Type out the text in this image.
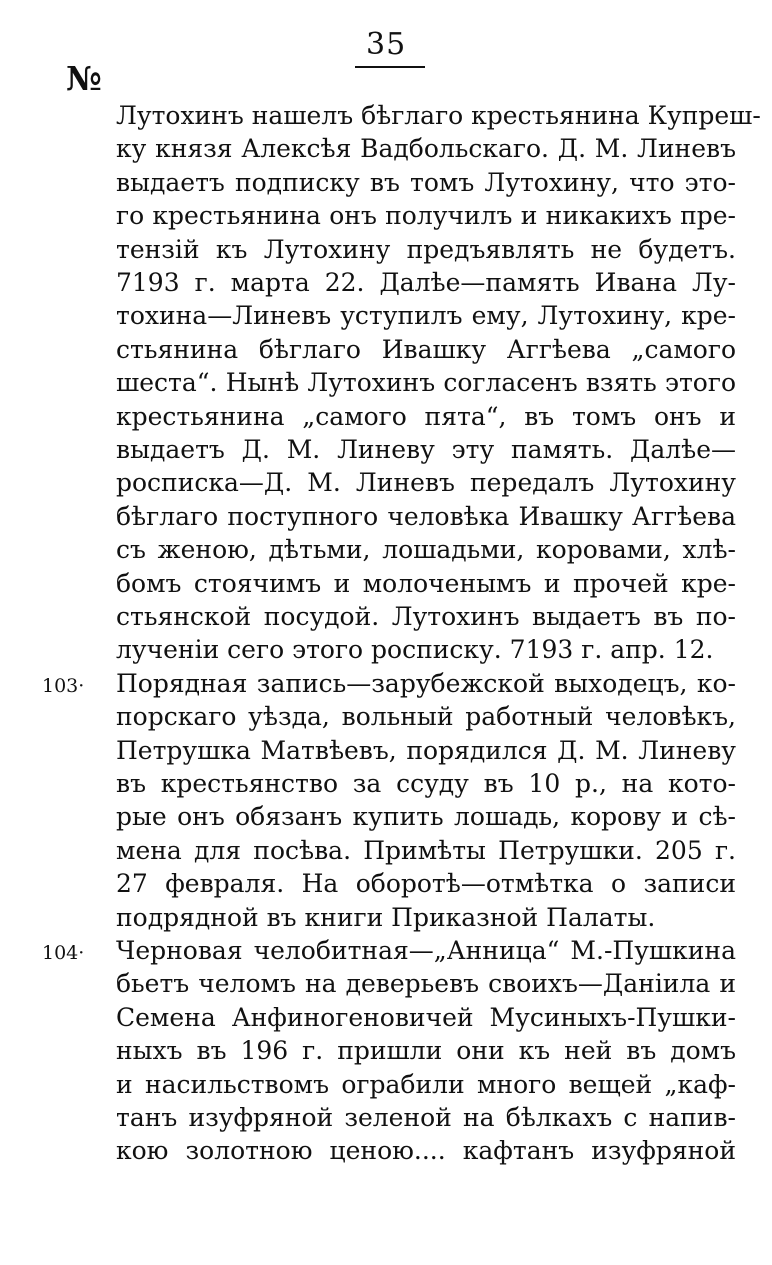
35
№
Лутохинъ нашелъ бѣглаго крестьянина Купреш-
ку князя Алексѣя Вадбольскаго. Д. М. Линевъ
выдаетъ подписку въ томъ Лутохину, что это-
го крестьянина онъ получилъ и никакихъ пре-
тензій къ Лутохину предъявлять не будетъ.
7193 г. марта 22. Далѣе—память Ивана Лу-
тохина—Линевъ уступилъ ему, Лутохину, кре-
стьянина бѣглаго Ивашку Аггѣева „самого
шеста“. Нынѣ Лутохинъ согласенъ взять этого
крестьянина „самого пята“, въ томъ онъ и
выдаетъ Д. М. Линеву эту память. Далѣе—
росписка—Д. М. Линевъ передалъ Лутохину
бѣглаго поступного человѣка Ивашку Аггѣева
съ женою, дѣтьми, лошадьми, коровами, хлѣ-
бомъ стоячимъ и молоченымъ и прочей кре-
стьянской посудой. Лутохинъ выдаетъ въ по-
лученіи сего этого росписку. 7193 г. апр. 12.
Порядная запись—зарубежской выходецъ, ко-
порскаго уѣзда, вольный работный человѣкъ,
Петрушка Матвѣевъ, порядился Д. М. Линеву
въ крестьянство за ссуду въ 10 р., на кото-
рые онъ обязанъ купить лошадь, корову и сѣ-
мена для посѣва. Примѣты Петрушки. 205 г.
27 февраля. На оборотѣ—отмѣтка о записи
подрядной въ книги Приказной Палаты.
Черновая челобитная—„Анница“ М.-Пушкина
бьетъ челомъ на деверьевъ своихъ—Даніила и
Семена Анфиногеновичей Мусиныхъ-Пушки-
ныхъ въ 196 г. пришли они къ ней въ домъ
и насильствомъ ограбили много вещей „каф-
танъ изуфряной зеленой на бѣлкахъ с напив-
кою золотною ценою.... кафтанъ изуфряной
103·
104·
